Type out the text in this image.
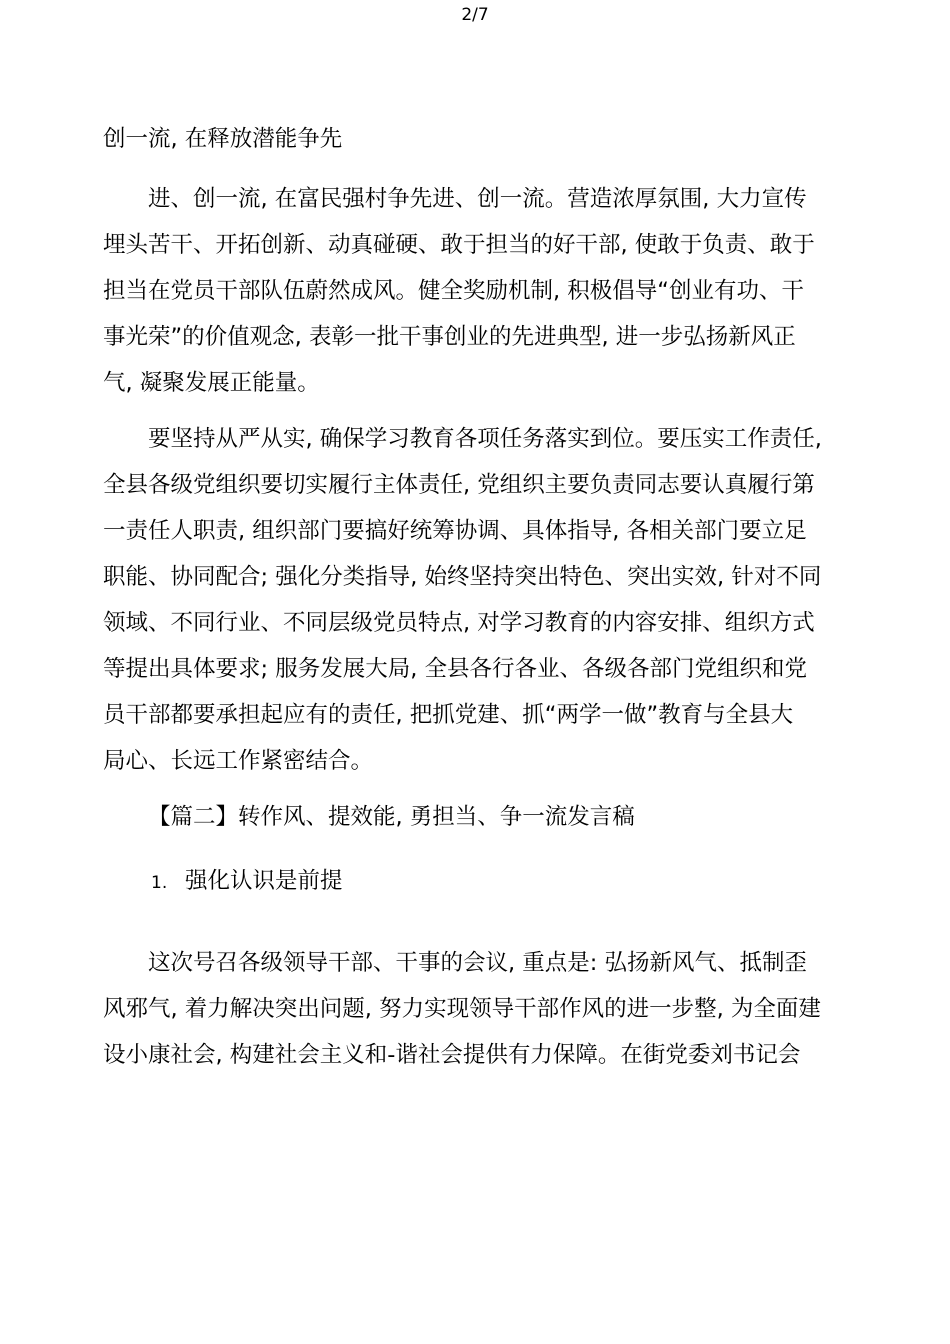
2/7
创一流, 在释放潜能争先
进、创一流, 在富民强村争先进、创一流。营造浓厚氛围, 大力宣传
埋头苦干、开拓创新、动真碰硬、敢于担当的好干部, 使敢于负责、敢于
担当在党员干部队伍蔚然成风。健全奖励机制, 积极倡导“创业有功、干
事光荣”的价值观念, 表彰一批干事创业的先进典型, 进一步弘扬新风正
气, 凝聚发展正能量。
要坚持从严从实, 确保学习教育各项任务落实到位。要压实工作责任,
全县各级党组织要切实履行主体责任, 党组织主要负责同志要认真履行第
一责任人职责, 组织部门要搞好统筹协调、具体指导, 各相关部门要立足
职能、协同配合; 强化分类指导, 始终坚持突出特色、突出实效, 针对不同
领域、不同行业、不同层级党员特点, 对学习教育的内容安排、组织方式
等提出具体要求; 服务发展大局, 全县各行各业、各级各部门党组织和党
员干部都要承担起应有的责任, 把抓党建、抓“两学一做”教育与全县大
局心、长远工作紧密结合。
【篇二】转作风、提效能, 勇担当、争一流发言稿
1. 强化认识是前提
这次号召各级领导干部、干事的会议, 重点是: 弘扬新风气、抵制歪
风邪气, 着力解决突出问题, 努力实现领导干部作风的进一步整, 为全面建
设小康社会, 构建社会主义和-谐社会提供有力保障。在街党委刘书记会
